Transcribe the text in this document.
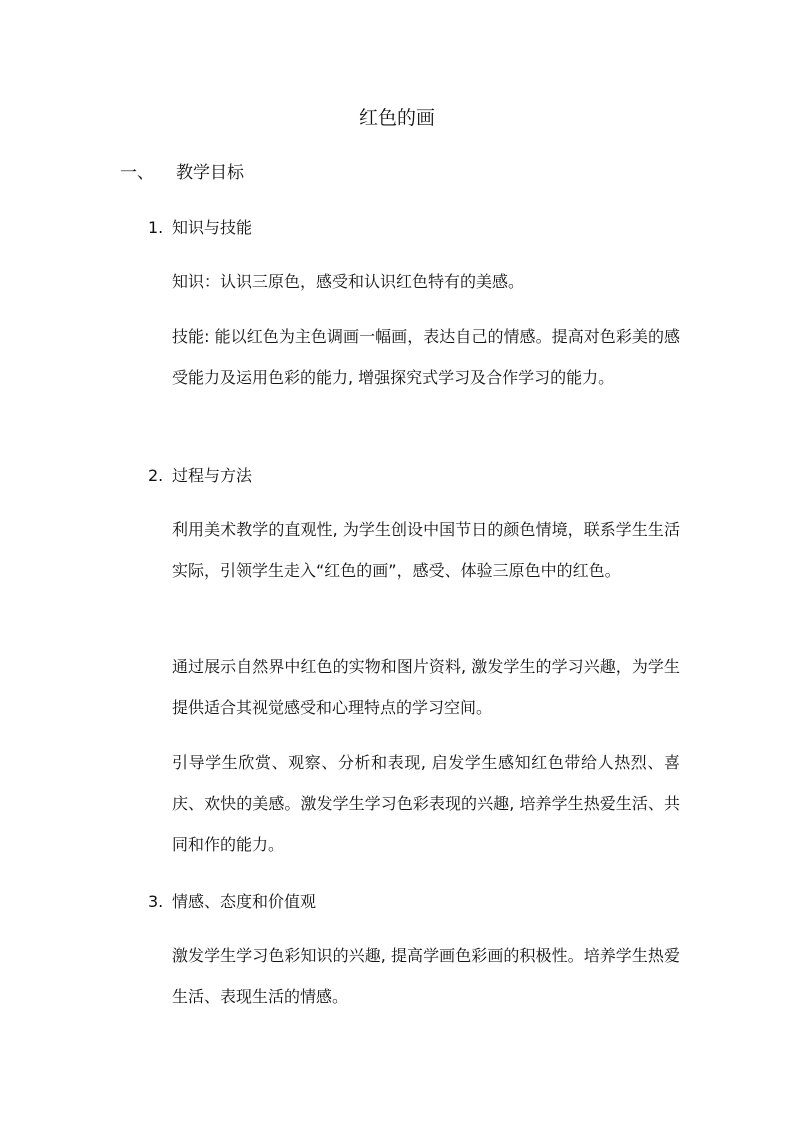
红色的画
一、 教学目标
1. 知识与技能

知识：认识三原色，感受和认识红色特有的美感。

技能: 能以红色为主色调画一幅画，表达自己的情感。提高对色彩美的感受能力及运用色彩的能力, 增强探究式学习及合作学习的能力。

2. 过程与方法

利用美术教学的直观性, 为学生创设中国节日的颜色情境，联系学生生活实际，引领学生走入“红色的画”，感受、体验三原色中的红色。

通过展示自然界中红色的实物和图片资料, 激发学生的学习兴趣，为学生提供适合其视觉感受和心理特点的学习空间。

引导学生欣赏、观察、分析和表现, 启发学生感知红色带给人热烈、喜庆、欢快的美感。激发学生学习色彩表现的兴趣, 培养学生热爱生活、共同和作的能力。

3. 情感、态度和价值观

激发学生学习色彩知识的兴趣, 提高学画色彩画的积极性。培养学生热爱生活、表现生活的情感。
